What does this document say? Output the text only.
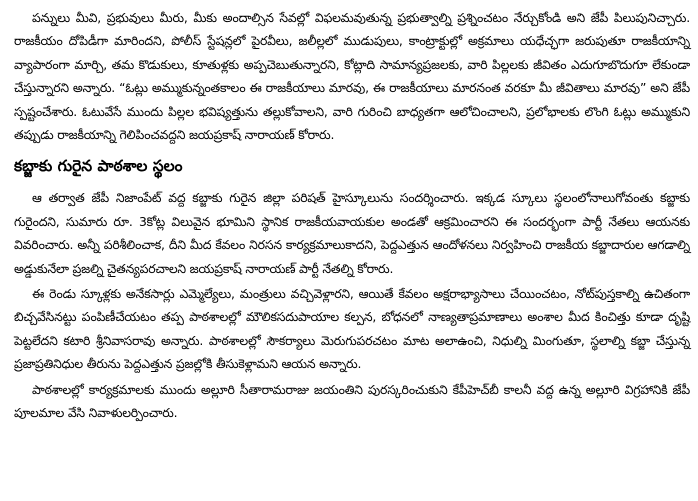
పన్నులు మీవి, ప్రభువులు మీరు, మీకు అందాల్సిన సేవల్లో విఫలమవుతున్న ప్రభుత్వాల్ని ప్రశ్నించటం నేర్చుకోండి అని జేపీ పిలుపునిచ్చారు. రాజకీయం దోపిడీగా మారిందని, పోలీస్ స్టేషన్లలో పైరవీలు, జలీల్లలో ముడుపులు, కాంట్రాక్టుల్లో అక్రమాలు యధేచ్ఛగా జరుపుతూ రాజకీయాన్ని వ్యాపారంగా మార్చి, తమ కొడుకులు, కూతుళ్లకు అప్పచెబుతున్నారని, కోట్లాది సామాన్యప్రజలకు, వారి పిల్లలకు జీవితం ఎదుగూబొదుగూ లేకుండా చేస్తున్నారని అన్నారు. “ఓట్లు అమ్ముకున్నంతకాలం ఈ రాజకీయాలు మారవు, ఈ రాజకీయాలు మారనంత వరకూ మీ జీవితాలు మారవు” అని జేపీ స్పష్టంచేశారు. ఓటువేసే ముందు పిల్లల భవిష్యత్తును తల్లుకోవాలని, వారి గురించి బాధ్యతగా ఆలోచించాలని, ప్రలోభాలకు లొంగి ఓట్లు అమ్ముకుని తప్పుడు రాజకీయాన్ని గెలిపించవద్దని జయప్రకాష్ నారాయణ్ కోరారు.

కబ్జాకు గురైన పాఠశాల స్థలం

ఆ తర్వాత జేపీ నిజాంపేట్ వద్ద కబ్జాకు గురైన జిల్లా పరిషత్ హైస్కూలును సందర్శించారు. ఇక్కడ స్కూలు స్థలంలోనాలుగోవంతు కబ్జాకు గురైందని, సుమారు రూ. 3కోట్ల విలువైన భూమిని స్థానిక రాజకీయవాయకుల అండతో ఆక్రమించారని ఈ సందర్భంగా పార్టీ నేతలు ఆయనకు వివరించారు. అన్నీ పరిశీలించాక, దీని మీద కేవలం నిరసన కార్యక్రమాలుకాదని, పెద్దఎత్తున ఆందోళనలు నిర్వహించి రాజకీయ కబ్జాదారుల ఆగడాల్ని అడ్డుకునేలా ప్రజల్ని చైతన్యపరచాలని జయప్రకాష్ నారాయణ్ పార్టీ నేతల్ని కోరారు.

ఈ రెండు స్కూళ్లకు అనేకసార్లు ఎమ్మెల్యేలు, మంత్రులు వచ్చివెళ్లారని, ఆయితే కేవలం అక్షరాభ్యాసాలు చేయించటం, నోట్‌పుస్తకాల్ని ఉచితంగా బిచ్చవేసినట్టు పంపిణీచేయటం తప్ప పాఠశాలల్లో మౌలికసదుపాయాల కల్పన, బోధనలో నాణ్యతాప్రమాణాలు అంశాల మీద కించిత్తు కూడా దృష్టి పెట్టలేదని కటారి శ్రీనివాసరావు అన్నారు. పాఠశాలల్లో సౌకర్యాలు మెరుగుపరచటం మాట అలాఉంచి, నిధుల్ని మింగుతూ, స్థలాల్ని కబ్జా చేస్తున్న ప్రజాప్రతినిధుల తీరును పెద్దఎత్తున ప్రజల్లోకి తీసుకెళ్లామని ఆయన అన్నారు.

పాఠశాలల్లో కార్యక్రమాలకు ముందు అల్లూరి సీతారామరాజు జయంతిని పురస్కరించుకుని కేపీహెచ్‌బీ కాలనీ వద్ద ఉన్న అల్లూరి విగ్రహానికి జేపీ పూలమాల వేసి నివాళులర్పించారు.
